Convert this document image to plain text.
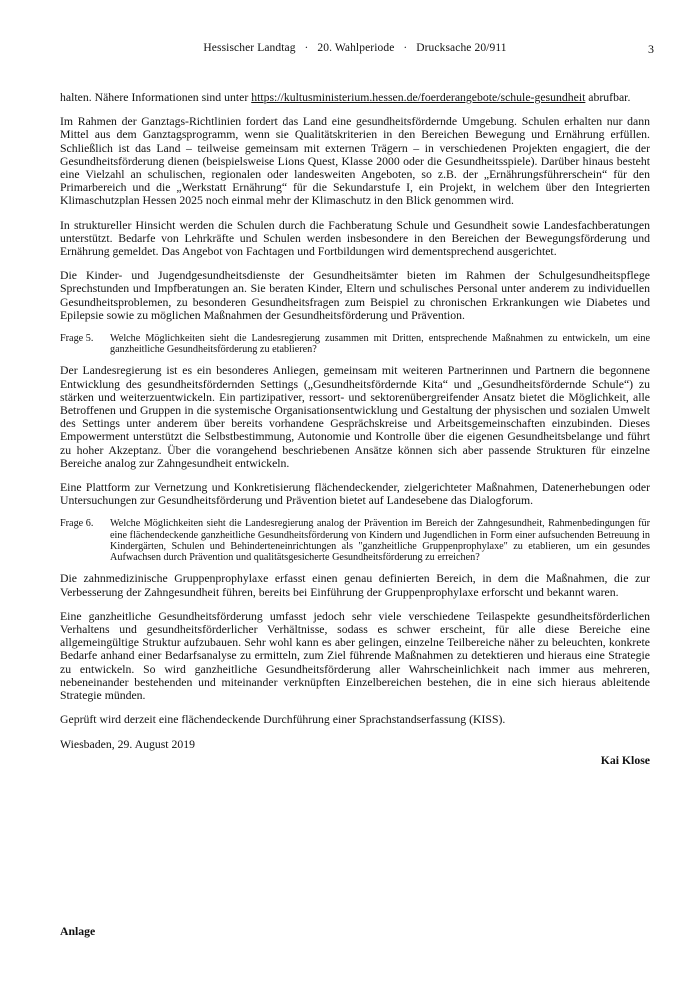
Hessischer Landtag · 20. Wahlperiode · Drucksache 20/911	3

halten. Nähere Informationen sind unter https://kultusministerium.hessen.de/foerderangebote/schule-gesundheit abrufbar.

Im Rahmen der Ganztags-Richtlinien fordert das Land eine gesundheitsfördernde Umgebung. Schulen erhalten nur dann Mittel aus dem Ganztagsprogramm, wenn sie Qualitätskriterien in den Bereichen Bewegung und Ernährung erfüllen. Schließlich ist das Land – teilweise gemeinsam mit externen Trägern – in verschiedenen Projekten engagiert, die der Gesundheitsförderung dienen (beispielsweise Lions Quest, Klasse 2000 oder die Gesundheitsspiele). Darüber hinaus besteht eine Vielzahl an schulischen, regionalen oder landesweiten Angeboten, so z.B. der „Ernährungsführerschein“ für den Primarbereich und die „Werkstatt Ernährung“ für die Sekundarstufe I, ein Projekt, in welchem über den Integrierten Klimaschutzplan Hessen 2025 noch einmal mehr der Klimaschutz in den Blick genommen wird.

In struktureller Hinsicht werden die Schulen durch die Fachberatung Schule und Gesundheit sowie Landesfachberatungen unterstützt. Bedarfe von Lehrkräfte und Schulen werden insbesondere in den Bereichen der Bewegungsförderung und Ernährung gemeldet. Das Angebot von Fachtagen und Fortbildungen wird dementsprechend ausgerichtet.

Die Kinder- und Jugendgesundheitsdienste der Gesundheitsämter bieten im Rahmen der Schulgesundheitspflege Sprechstunden und Impfberatungen an. Sie beraten Kinder, Eltern und schulisches Personal unter anderem zu individuellen Gesundheitsproblemen, zu besonderen Gesundheitsfragen zum Beispiel zu chronischen Erkrankungen wie Diabetes und Epilepsie sowie zu möglichen Maßnahmen der Gesundheitsförderung und Prävention.

Frage 5.	Welche Möglichkeiten sieht die Landesregierung zusammen mit Dritten, entsprechende Maßnahmen zu entwickeln, um eine ganzheitliche Gesundheitsförderung zu etablieren?

Der Landesregierung ist es ein besonderes Anliegen, gemeinsam mit weiteren Partnerinnen und Partnern die begonnene Entwicklung des gesundheitsfördernden Settings („Gesundheitsfördernde Kita“ und „Gesundheitsfördernde Schule“) zu stärken und weiterzuentwickeln. Ein partizipativer, ressort- und sektorenübergreifender Ansatz bietet die Möglichkeit, alle Betroffenen und Gruppen in die systemische Organisationsentwicklung und Gestaltung der physischen und sozialen Umwelt des Settings unter anderem über bereits vorhandene Gesprächskreise und Arbeitsgemeinschaften einzubinden. Dieses Empowerment unterstützt die Selbstbestimmung, Autonomie und Kontrolle über die eigenen Gesundheitsbelange und führt zu hoher Akzeptanz. Über die vorangehend beschriebenen Ansätze können sich aber passende Strukturen für einzelne Bereiche analog zur Zahngesundheit entwickeln.

Eine Plattform zur Vernetzung und Konkretisierung flächendeckender, zielgerichteter Maßnahmen, Datenerhebungen oder Untersuchungen zur Gesundheitsförderung und Prävention bietet auf Landesebene das Dialogforum.

Frage 6.	Welche Möglichkeiten sieht die Landesregierung analog der Prävention im Bereich der Zahngesundheit, Rahmenbedingungen für eine flächendeckende ganzheitliche Gesundheitsförderung von Kindern und Jugendlichen in Form einer aufsuchenden Betreuung in Kindergärten, Schulen und Behinderteneinrichtungen als "ganzheitliche Gruppenprophylaxe" zu etablieren, um ein gesundes Aufwachsen durch Prävention und qualitätsgesicherte Gesundheitsförderung zu erreichen?

Die zahnmedizinische Gruppenprophylaxe erfasst einen genau definierten Bereich, in dem die Maßnahmen, die zur Verbesserung der Zahngesundheit führen, bereits bei Einführung der Gruppenprophylaxe erforscht und bekannt waren.

Eine ganzheitliche Gesundheitsförderung umfasst jedoch sehr viele verschiedene Teilaspekte gesundheitsförderlichen Verhaltens und gesundheitsförderlicher Verhältnisse, sodass es schwer erscheint, für alle diese Bereiche eine allgemeingültige Struktur aufzubauen. Sehr wohl kann es aber gelingen, einzelne Teilbereiche näher zu beleuchten, konkrete Bedarfe anhand einer Bedarfsanalyse zu ermitteln, zum Ziel führende Maßnahmen zu detektieren und hieraus eine Strategie zu entwickeln. So wird ganzheitliche Gesundheitsförderung aller Wahrscheinlichkeit nach immer aus mehreren, nebeneinander bestehenden und miteinander verknüpften Einzelbereichen bestehen, die in eine sich hieraus ableitende Strategie münden.

Geprüft wird derzeit eine flächendeckende Durchführung einer Sprachstandserfassung (KISS).

Wiesbaden, 29. August 2019
Kai Klose
Anlage
